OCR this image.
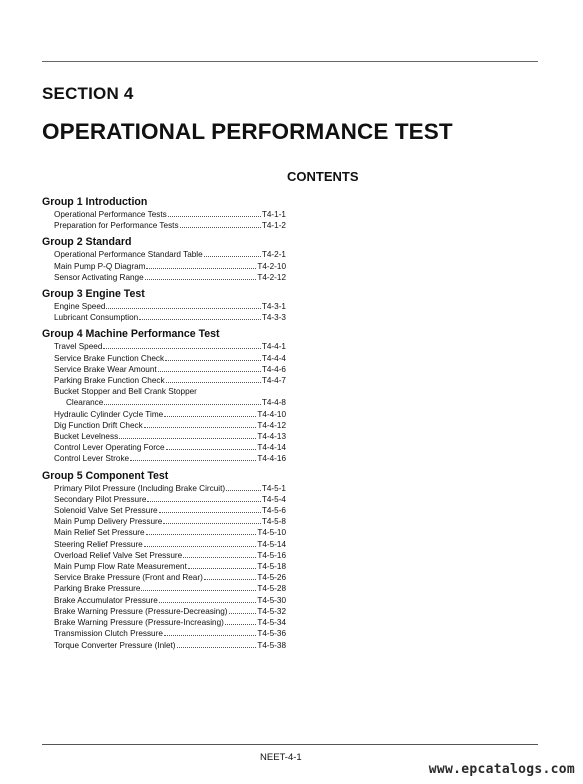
SECTION 4
OPERATIONAL PERFORMANCE TEST
CONTENTS
Group 1 Introduction
Operational Performance Tests	T4-1-1
Preparation for Performance Tests	T4-1-2
Group 2 Standard
Operational Performance Standard Table	T4-2-1
Main Pump P-Q Diagram	T4-2-10
Sensor Activating Range	T4-2-12
Group 3 Engine Test
Engine Speed	T4-3-1
Lubricant Consumption	T4-3-3
Group 4 Machine Performance Test
Travel Speed	T4-4-1
Service Brake Function Check	T4-4-4
Service Brake Wear Amount	T4-4-6
Parking Brake Function Check	T4-4-7
Bucket Stopper and Bell Crank Stopper
Clearance	T4-4-8
Hydraulic Cylinder Cycle Time	T4-4-10
Dig Function Drift Check	T4-4-12
Bucket Levelness	T4-4-13
Control Lever Operating Force	T4-4-14
Control Lever Stroke	T4-4-16
Group 5 Component Test
Primary Pilot Pressure (Including Brake Circuit)	T4-5-1
Secondary Pilot Pressure	T4-5-4
Solenoid Valve Set Pressure	T4-5-6
Main Pump Delivery Pressure	T4-5-8
Main Relief Set Pressure	T4-5-10
Steering Relief Pressure	T4-5-14
Overload Relief Valve Set Pressure	T4-5-16
Main Pump Flow Rate Measurement	T4-5-18
Service Brake Pressure (Front and Rear)	T4-5-26
Parking Brake Pressure	T4-5-28
Brake Accumulator Pressure	T4-5-30
Brake Warning Pressure (Pressure-Decreasing)	T4-5-32
Brake Warning Pressure (Pressure-Increasing)	T4-5-34
Transmission Clutch Pressure	T4-5-36
Torque Converter Pressure (Inlet)	T4-5-38
NEET-4-1
www.epcatalogs.com
